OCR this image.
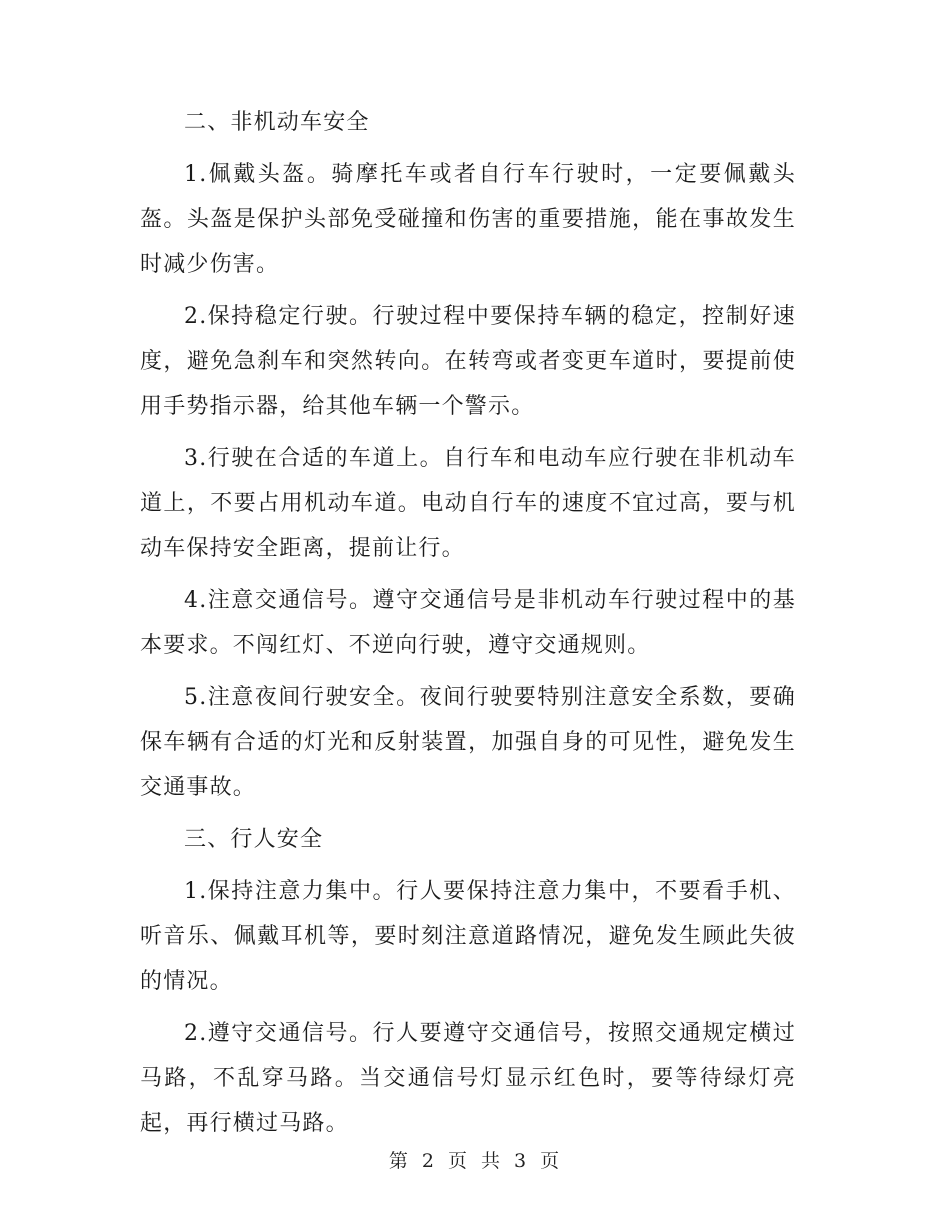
二、非机动车安全

1.佩戴头盔。骑摩托车或者自行车行驶时，一定要佩戴头盔。头盔是保护头部免受碰撞和伤害的重要措施，能在事故发生时减少伤害。

2.保持稳定行驶。行驶过程中要保持车辆的稳定，控制好速度，避免急刹车和突然转向。在转弯或者变更车道时，要提前使用手势指示器，给其他车辆一个警示。

3.行驶在合适的车道上。自行车和电动车应行驶在非机动车道上，不要占用机动车道。电动自行车的速度不宜过高，要与机动车保持安全距离，提前让行。

4.注意交通信号。遵守交通信号是非机动车行驶过程中的基本要求。不闯红灯、不逆向行驶，遵守交通规则。

5.注意夜间行驶安全。夜间行驶要特别注意安全系数，要确保车辆有合适的灯光和反射装置，加强自身的可见性，避免发生交通事故。

三、行人安全

1.保持注意力集中。行人要保持注意力集中，不要看手机、听音乐、佩戴耳机等，要时刻注意道路情况，避免发生顾此失彼的情况。

2.遵守交通信号。行人要遵守交通信号，按照交通规定横过马路，不乱穿马路。当交通信号灯显示红色时，要等待绿灯亮起，再行横过马路。

第 2 页 共 3 页
